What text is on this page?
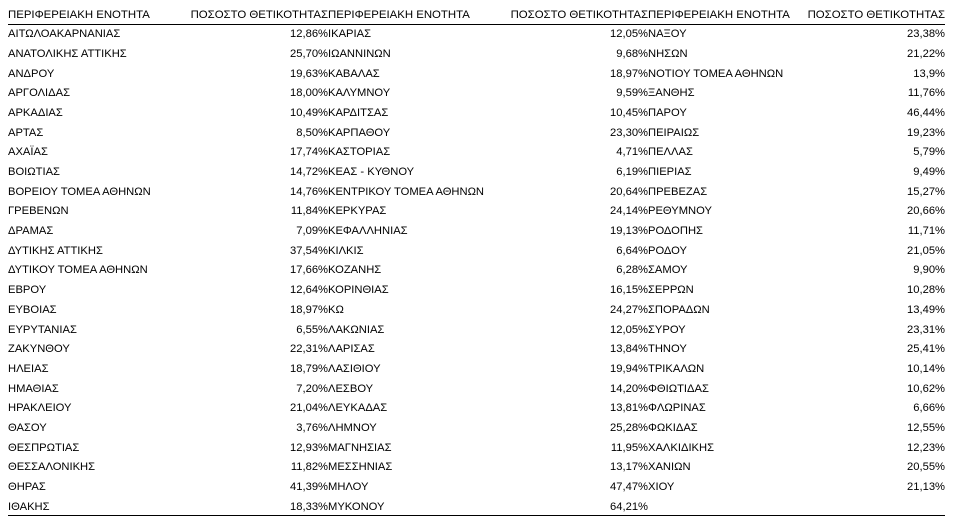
ΠΕΡΙΦΕΡΕΙΑΚΗ ΕΝΟΤΗΤΑ	ΠΟΣΟΣΤΟ ΘΕΤΙΚΟΤΗΤΑΣ
ΑΙΤΩΛΟΑΚΑΡΝΑΝΙΑΣ	12,86%
ΑΝΑΤΟΛΙΚΗΣ ΑΤΤΙΚΗΣ	25,70%
ΑΝΔΡΟΥ	19,63%
ΑΡΓΟΛΙΔΑΣ	18,00%
ΑΡΚΑΔΙΑΣ	10,49%
ΑΡΤΑΣ	8,50%
ΑΧΑΪΑΣ	17,74%
ΒΟΙΩΤΙΑΣ	14,72%
ΒΟΡΕΙΟΥ ΤΟΜΕΑ ΑΘΗΝΩΝ	14,76%
ΓΡΕΒΕΝΩΝ	11,84%
ΔΡΑΜΑΣ	7,09%
ΔΥΤΙΚΗΣ ΑΤΤΙΚΗΣ	37,54%
ΔΥΤΙΚΟΥ ΤΟΜΕΑ ΑΘΗΝΩΝ	17,66%
ΕΒΡΟΥ	12,64%
ΕΥΒΟΙΑΣ	18,97%
ΕΥΡΥΤΑΝΙΑΣ	6,55%
ΖΑΚΥΝΘΟΥ	22,31%
ΗΛΕΙΑΣ	18,79%
ΗΜΑΘΙΑΣ	7,20%
ΗΡΑΚΛΕΙΟΥ	21,04%
ΘΑΣΟΥ	3,76%
ΘΕΣΠΡΩΤΙΑΣ	12,93%
ΘΕΣΣΑΛΟΝΙΚΗΣ	11,82%
ΘΗΡΑΣ	41,39%
ΙΘΑΚΗΣ	18,33%
ΠΕΡΙΦΕΡΕΙΑΚΗ ΕΝΟΤΗΤΑ	ΠΟΣΟΣΤΟ ΘΕΤΙΚΟΤΗΤΑΣ
ΙΚΑΡΙΑΣ	12,05%
ΙΩΑΝΝΙΝΩΝ	9,68%
ΚΑΒΑΛΑΣ	18,97%
ΚΑΛΥΜΝΟΥ	9,59%
ΚΑΡΔΙΤΣΑΣ	10,45%
ΚΑΡΠΑΘΟΥ	23,30%
ΚΑΣΤΟΡΙΑΣ	4,71%
ΚΕΑΣ - ΚΥΘΝΟΥ	6,19%
ΚΕΝΤΡΙΚΟΥ ΤΟΜΕΑ ΑΘΗΝΩΝ	20,64%
ΚΕΡΚΥΡΑΣ	24,14%
ΚΕΦΑΛΛΗΝΙΑΣ	19,13%
ΚΙΛΚΙΣ	6,64%
ΚΟΖΑΝΗΣ	6,28%
ΚΟΡΙΝΘΙΑΣ	16,15%
ΚΩ	24,27%
ΛΑΚΩΝΙΑΣ	12,05%
ΛΑΡΙΣΑΣ	13,84%
ΛΑΣΙΘΙΟΥ	19,94%
ΛΕΣΒΟΥ	14,20%
ΛΕΥΚΑΔΑΣ	13,81%
ΛΗΜΝΟΥ	25,28%
ΜΑΓΝΗΣΙΑΣ	11,95%
ΜΕΣΣΗΝΙΑΣ	13,17%
ΜΗΛΟΥ	47,47%
ΜΥΚΟΝΟΥ	64,21%
ΠΕΡΙΦΕΡΕΙΑΚΗ ΕΝΟΤΗΤΑ	ΠΟΣΟΣΤΟ ΘΕΤΙΚΟΤΗΤΑΣ
ΝΑΞΟΥ	23,38%
ΝΗΣΩΝ	21,22%
ΝΟΤΙΟΥ ΤΟΜΕΑ ΑΘΗΝΩΝ	13,9%
ΞΑΝΘΗΣ	11,76%
ΠΑΡΟΥ	46,44%
ΠΕΙΡΑΙΩΣ	19,23%
ΠΕΛΛΑΣ	5,79%
ΠΙΕΡΙΑΣ	9,49%
ΠΡΕΒΕΖΑΣ	15,27%
ΡΕΘΥΜΝΟΥ	20,66%
ΡΟΔΟΠΗΣ	11,71%
ΡΟΔΟΥ	21,05%
ΣΑΜΟΥ	9,90%
ΣΕΡΡΩΝ	10,28%
ΣΠΟΡΑΔΩΝ	13,49%
ΣΥΡΟΥ	23,31%
ΤΗΝΟΥ	25,41%
ΤΡΙΚΑΛΩΝ	10,14%
ΦΘΙΩΤΙΔΑΣ	10,62%
ΦΛΩΡΙΝΑΣ	6,66%
ΦΩΚΙΔΑΣ	12,55%
ΧΑΛΚΙΔΙΚΗΣ	12,23%
ΧΑΝΙΩΝ	20,55%
ΧΙΟΥ	21,13%
